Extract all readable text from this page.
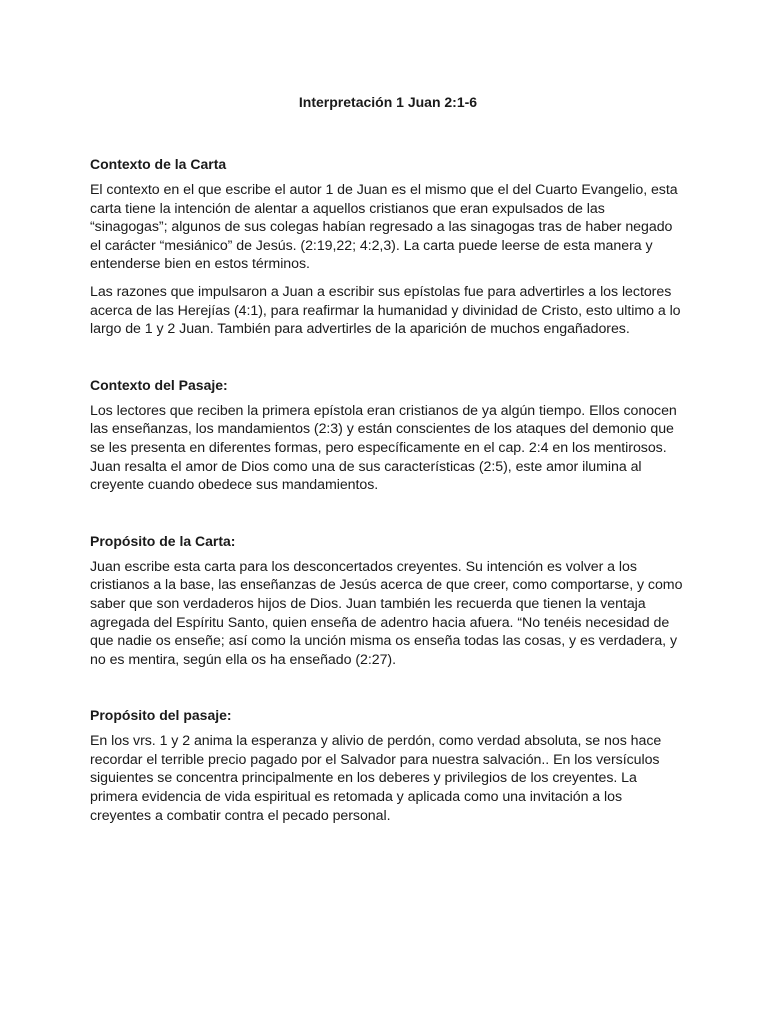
Interpretación 1 Juan 2:1-6
Contexto de la Carta

El contexto en el que escribe el autor 1 de Juan es el mismo que el del Cuarto Evangelio, esta carta tiene la intención de alentar a aquellos cristianos que eran expulsados de las “sinagogas”; algunos de sus colegas habían regresado a las sinagogas tras de haber negado el carácter “mesiánico” de Jesús. (2:19,22; 4:2,3). La carta puede leerse de esta manera y entenderse bien en estos términos.

Las razones que impulsaron a Juan a escribir sus epístolas fue para advertirles a los lectores acerca de las Herejías (4:1), para reafirmar la humanidad y divinidad de Cristo, esto ultimo a lo largo de 1 y 2 Juan. También para advertirles de la aparición de muchos engañadores.

Contexto del Pasaje:

Los lectores que reciben la primera epístola eran cristianos de ya algún tiempo. Ellos conocen las enseñanzas, los mandamientos (2:3) y están conscientes de los ataques del demonio que se les presenta en diferentes formas, pero específicamente en el cap. 2:4 en los mentirosos. Juan resalta el amor de Dios como una de sus características (2:5), este amor ilumina al creyente cuando obedece sus mandamientos.

Propósito de la Carta:

Juan escribe esta carta para los desconcertados creyentes. Su intención es volver a los cristianos a la base, las enseñanzas de Jesús acerca de que creer, como comportarse, y como saber que son verdaderos hijos de Dios. Juan también les recuerda que tienen la ventaja agregada del Espíritu Santo, quien enseña de adentro hacia afuera. “No tenéis necesidad de que nadie os enseñe; así como la unción misma os enseña todas las cosas, y es verdadera, y no es mentira, según ella os ha enseñado (2:27).

Propósito del pasaje:

En los vrs. 1 y 2 anima la esperanza y alivio de perdón, como verdad absoluta, se nos hace recordar el terrible precio pagado por el Salvador para nuestra salvación.. En los versículos siguientes se concentra principalmente en los deberes y privilegios de los creyentes. La primera evidencia de vida espiritual es retomada y aplicada como una invitación a los creyentes a combatir contra el pecado personal.
